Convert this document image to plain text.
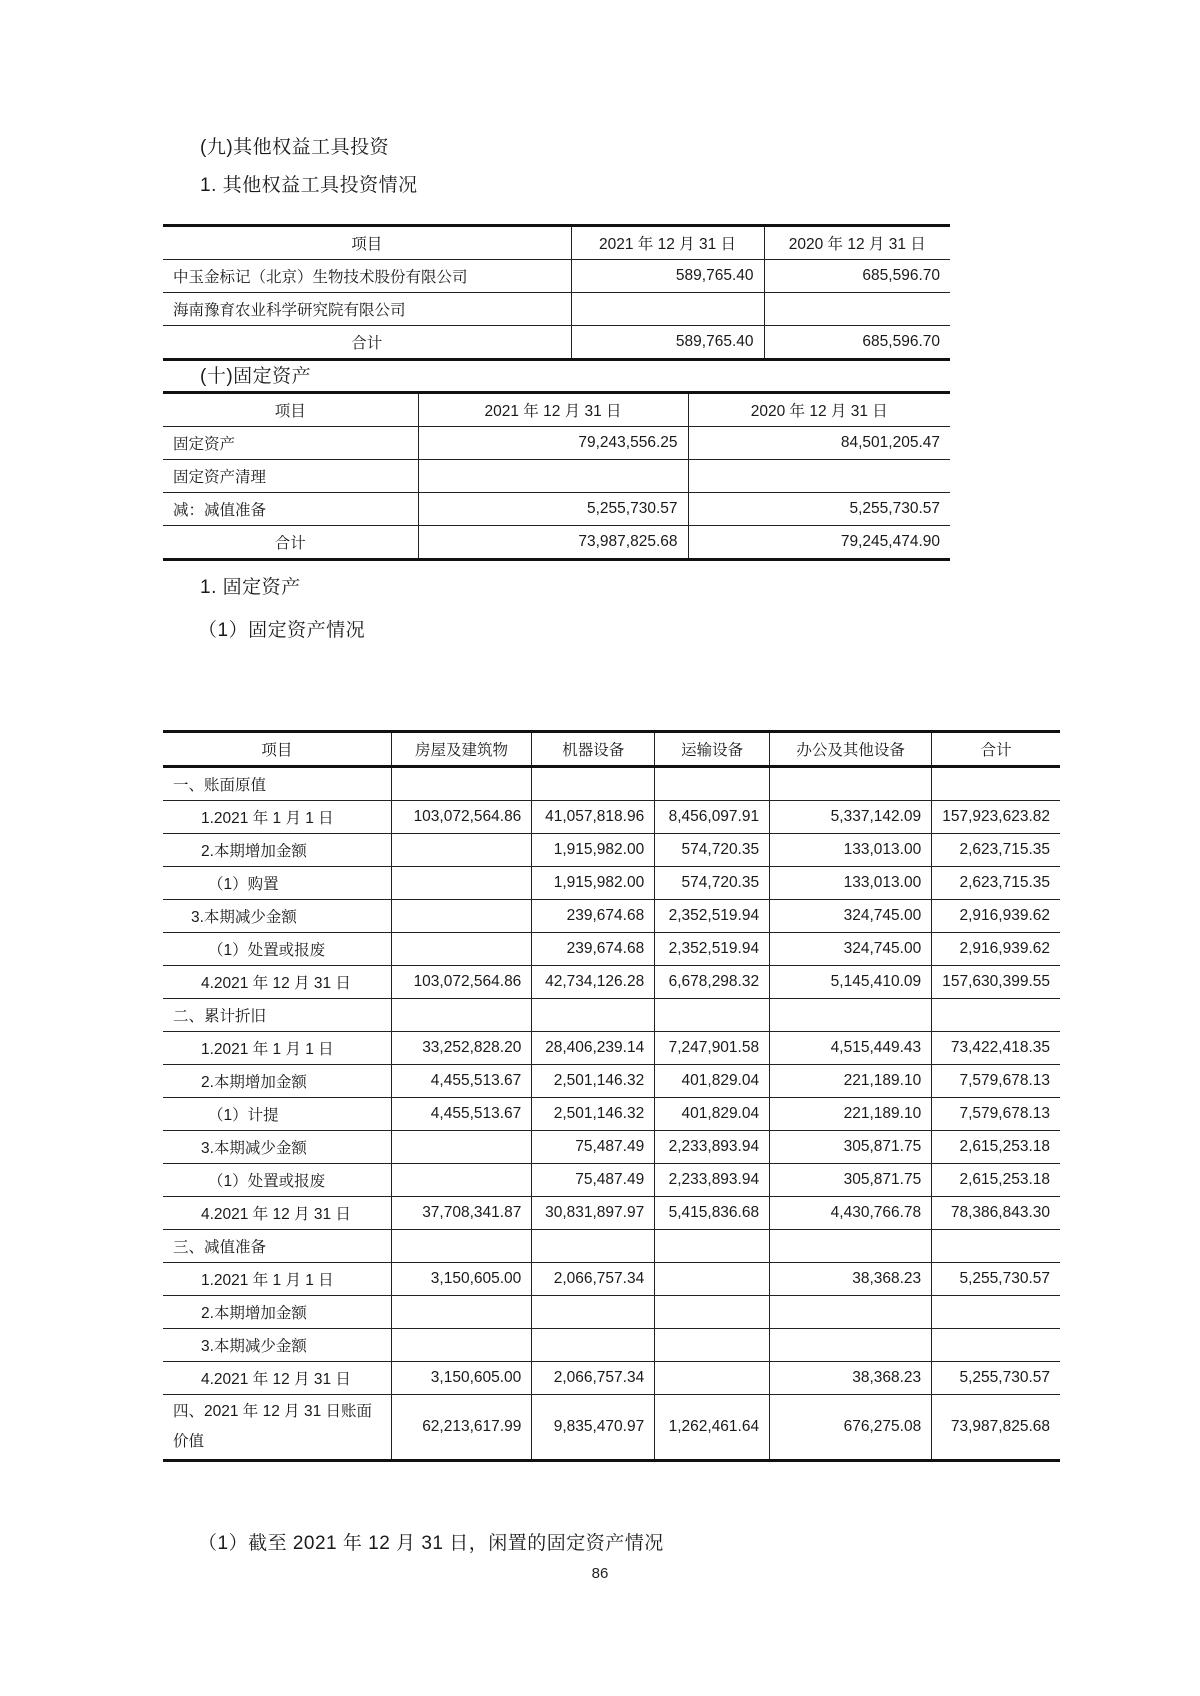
(九)其他权益工具投资
1. 其他权益工具投资情况
项目	2021 年 12 月 31 日	2020 年 12 月 31 日
中玉金标记（北京）生物技术股份有限公司	589,765.40	685,596.70
海南豫育农业科学研究院有限公司		
合计	589,765.40	685,596.70
(十)固定资产
项目	2021 年 12 月 31 日	2020 年 12 月 31 日
固定资产	79,243,556.25	84,501,205.47
固定资产清理		
减：减值准备	5,255,730.57	5,255,730.57
合计	73,987,825.68	79,245,474.90
1. 固定资产
（1）固定资产情况
项目	房屋及建筑物	机器设备	运输设备	办公及其他设备	合计
一、账面原值					
1.2021 年 1 月 1 日	103,072,564.86	41,057,818.96	8,456,097.91	5,337,142.09	157,923,623.82
2.本期增加金额		1,915,982.00	574,720.35	133,013.00	2,623,715.35
（1）购置		1,915,982.00	574,720.35	133,013.00	2,623,715.35
3.本期减少金额		239,674.68	2,352,519.94	324,745.00	2,916,939.62
（1）处置或报废		239,674.68	2,352,519.94	324,745.00	2,916,939.62
4.2021 年 12 月 31 日	103,072,564.86	42,734,126.28	6,678,298.32	5,145,410.09	157,630,399.55
二、累计折旧					
1.2021 年 1 月 1 日	33,252,828.20	28,406,239.14	7,247,901.58	4,515,449.43	73,422,418.35
2.本期增加金额	4,455,513.67	2,501,146.32	401,829.04	221,189.10	7,579,678.13
（1）计提	4,455,513.67	2,501,146.32	401,829.04	221,189.10	7,579,678.13
3.本期减少金额		75,487.49	2,233,893.94	305,871.75	2,615,253.18
（1）处置或报废		75,487.49	2,233,893.94	305,871.75	2,615,253.18
4.2021 年 12 月 31 日	37,708,341.87	30,831,897.97	5,415,836.68	4,430,766.78	78,386,843.30
三、减值准备					
1.2021 年 1 月 1 日	3,150,605.00	2,066,757.34		38,368.23	5,255,730.57
2.本期增加金额					
3.本期减少金额					
4.2021 年 12 月 31 日	3,150,605.00	2,066,757.34		38,368.23	5,255,730.57
四、2021 年 12 月 31 日账面价值	62,213,617.99	9,835,470.97	1,262,461.64	676,275.08	73,987,825.68
（1）截至 2021 年 12 月 31 日，闲置的固定资产情况
86
